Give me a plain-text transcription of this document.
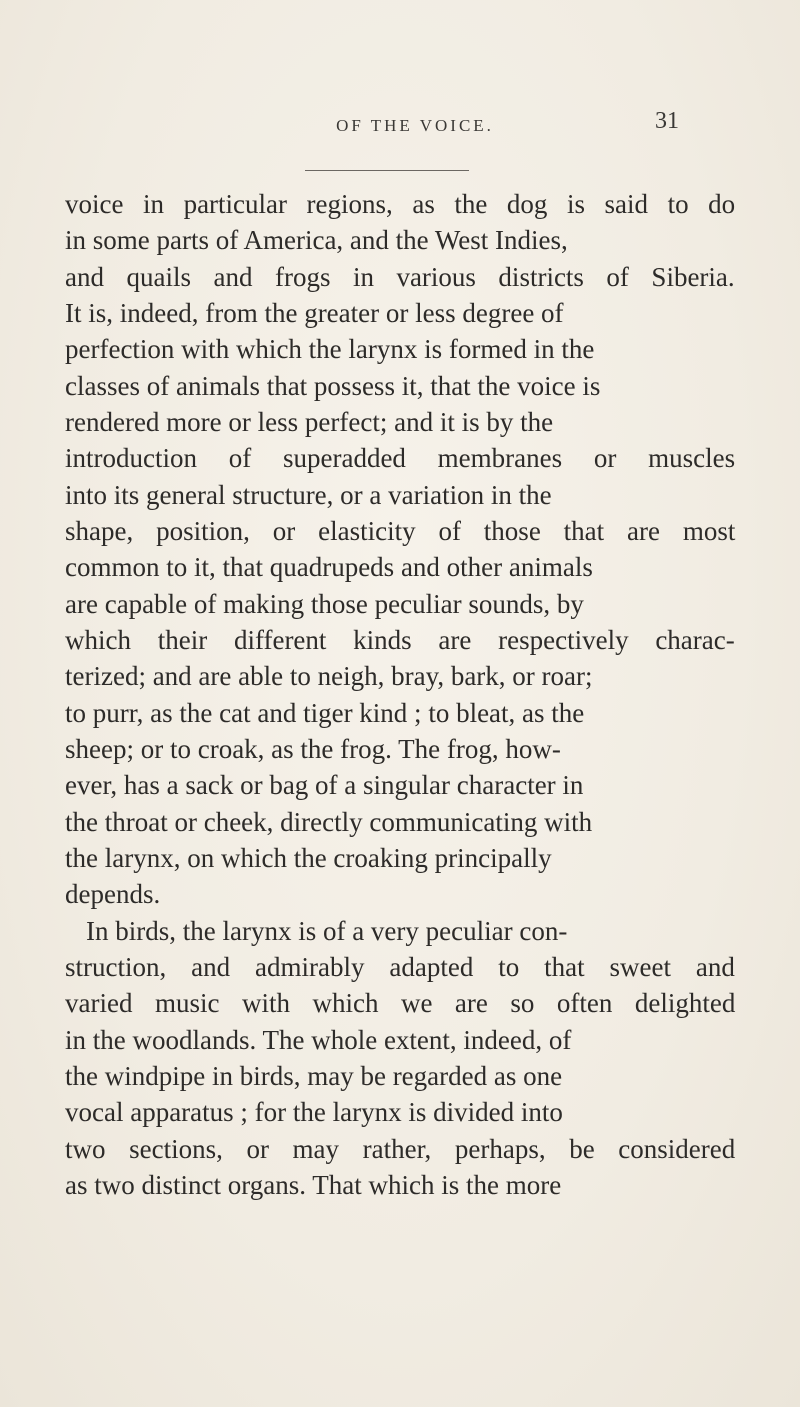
OF THE VOICE.	31
voice in particular regions, as the dog is said to do
in some parts of America, and the West Indies,
and quails and frogs in various districts of Siberia.
It is, indeed, from the greater or less degree of
perfection with which the larynx is formed in the
classes of animals that possess it, that the voice is
rendered more or less perfect; and it is by the
introduction of superadded membranes or muscles
into its general structure, or a variation in the
shape, position, or elasticity of those that are most
common to it, that quadrupeds and other animals
are capable of making those peculiar sounds, by
which their different kinds are respectively charac-
terized; and are able to neigh, bray, bark, or roar;
to purr, as the cat and tiger kind ; to bleat, as the
sheep; or to croak, as the frog. The frog, how-
ever, has a sack or bag of a singular character in
the throat or cheek, directly communicating with
the larynx, on which the croaking principally
depends.
In birds, the larynx is of a very peculiar con-
struction, and admirably adapted to that sweet and
varied music with which we are so often delighted
in the woodlands. The whole extent, indeed, of
the windpipe in birds, may be regarded as one
vocal apparatus ; for the larynx is divided into
two sections, or may rather, perhaps, be considered
as two distinct organs. That which is the more
